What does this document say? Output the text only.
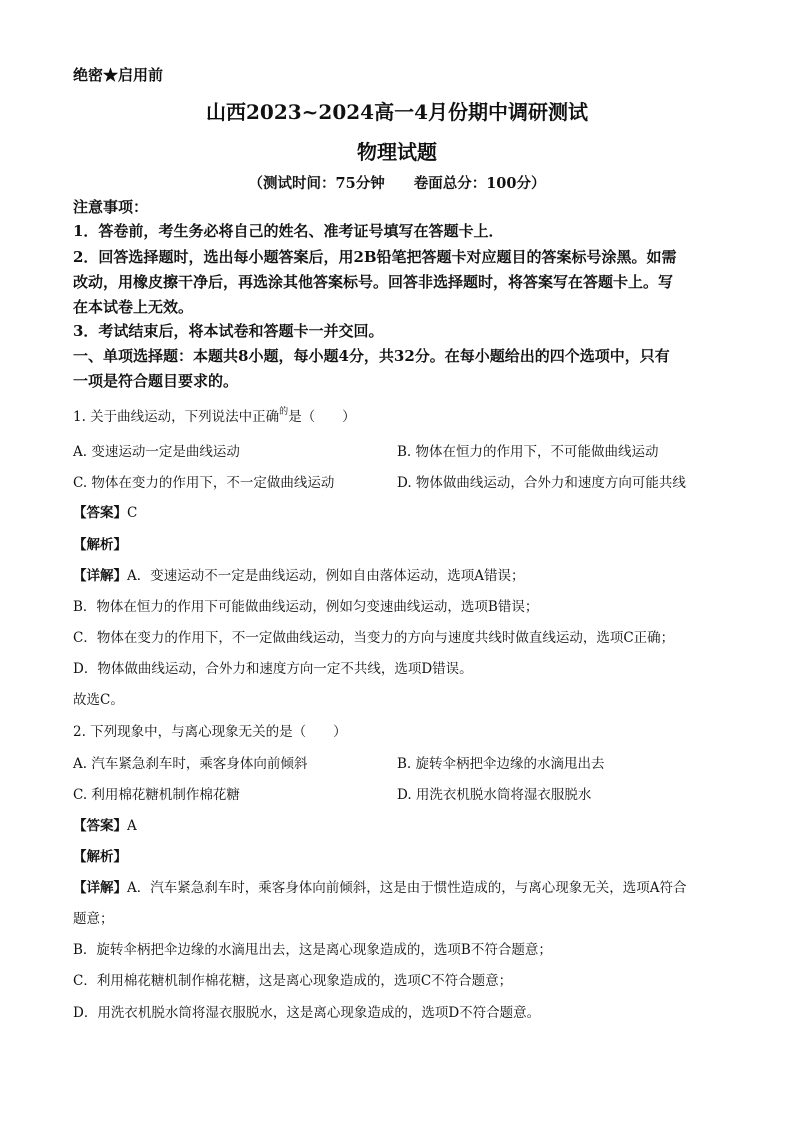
绝密★启用前
山西2023~2024高一4月份期中调研测试
物理试题
（测试时间：75分钟　　卷面总分：100分）
注意事项：
1．答卷前，考生务必将自己的姓名、准考证号填写在答题卡上．
2．回答选择题时，选出每小题答案后，用2B铅笔把答题卡对应题目的答案标号涂黑。如需
改动，用橡皮擦干净后，再选涂其他答案标号。回答非选择题时，将答案写在答题卡上。写
在本试卷上无效。
3．考试结束后，将本试卷和答题卡一并交回。
一、单项选择题：本题共8小题，每小题4分，共32分。在每小题给出的四个选项中，只有
一项是符合题目要求的。
1. 关于曲线运动，下列说法中正确$^的$是（　　）
A. 变速运动一定是曲线运动	B. 物体在恒力的作用下，不可能做曲线运动
C. 物体在变力的作用下，不一定做曲线运动	D. 物体做曲线运动，合外力和速度方向可能共线
【答案】C
【解析】
【详解】A．变速运动不一定是曲线运动，例如自由落体运动，选项A错误；
B．物体在恒力的作用下可能做曲线运动，例如匀变速曲线运动，选项B错误；
C．物体在变力的作用下，不一定做曲线运动，当变力的方向与速度共线时做直线运动，选项C正确；
D．物体做曲线运动，合外力和速度方向一定不共线，选项D错误。
故选C。
2. 下列现象中，与离心现象无关的是（　　）
A. 汽车紧急刹车时，乘客身体向前倾斜	B. 旋转伞柄把伞边缘的水滴甩出去
C. 利用棉花糖机制作棉花糖	D. 用洗衣机脱水筒将湿衣服脱水
【答案】A
【解析】
【详解】A．汽车紧急刹车时，乘客身体向前倾斜，这是由于惯性造成的，与离心现象无关，选项A符合
题意；
B．旋转伞柄把伞边缘的水滴甩出去，这是离心现象造成的，选项B不符合题意；
C．利用棉花糖机制作棉花糖，这是离心现象造成的，选项C不符合题意；
D．用洗衣机脱水筒将湿衣服脱水，这是离心现象造成的，选项D不符合题意。
